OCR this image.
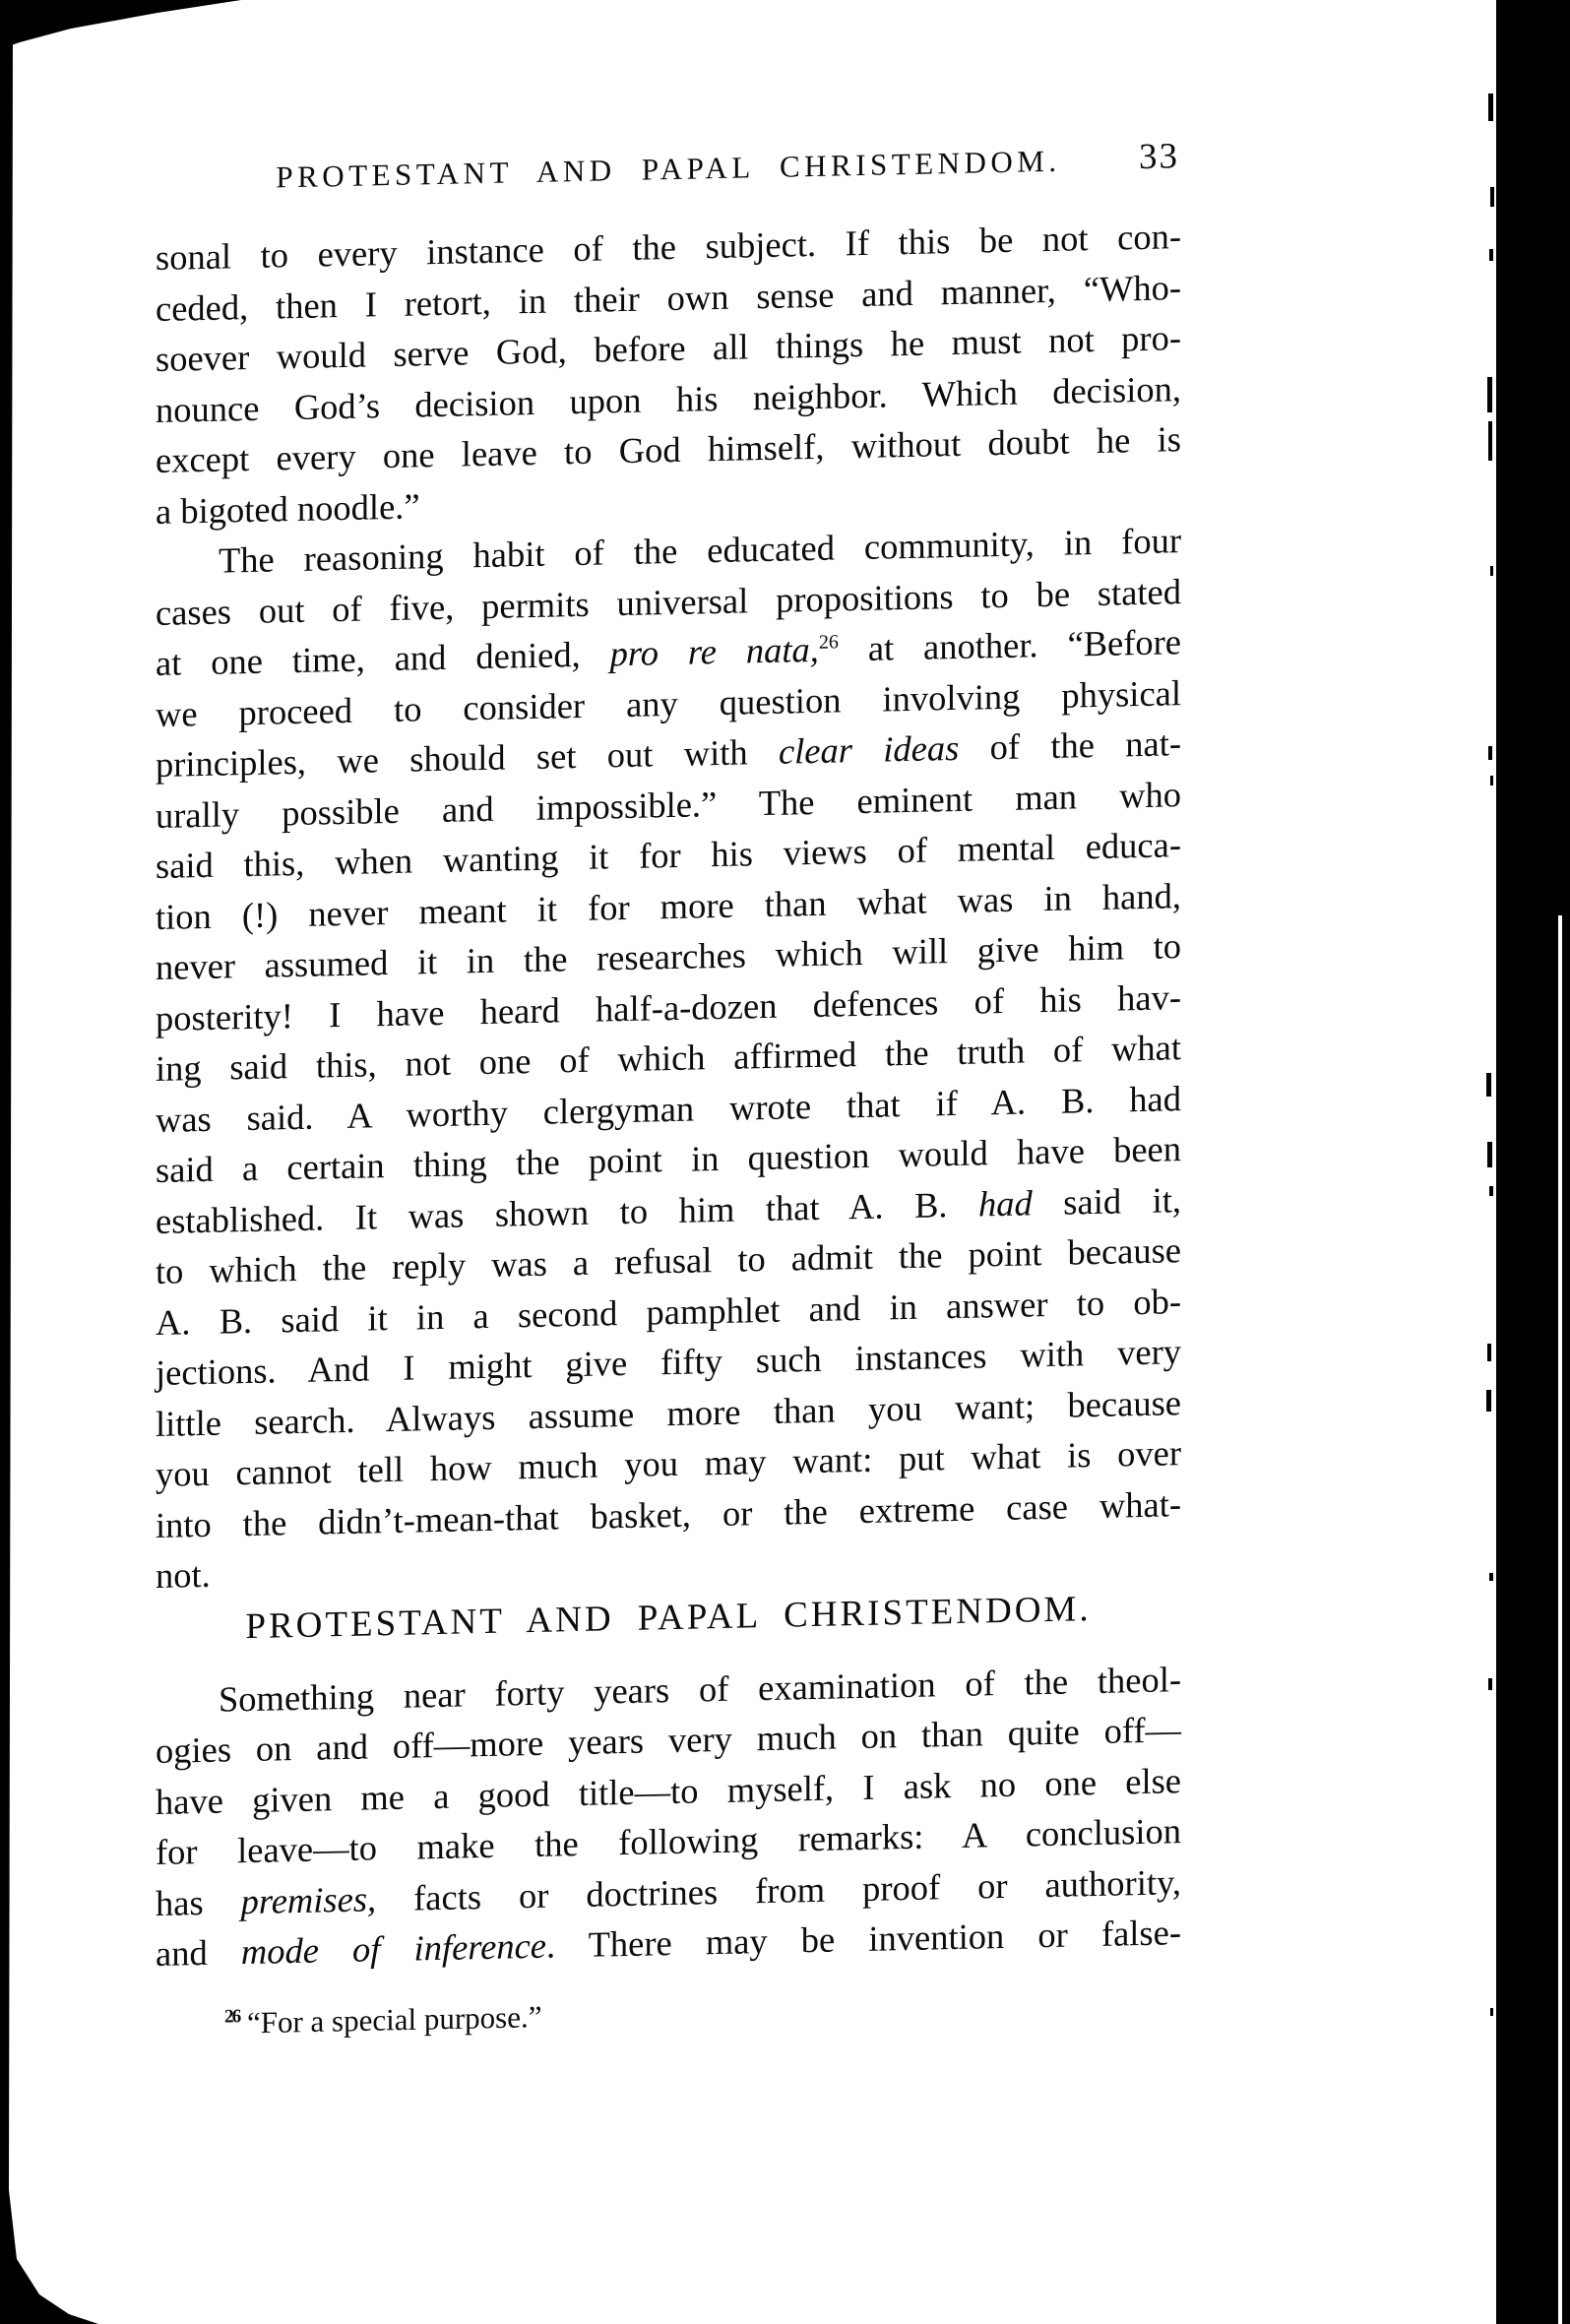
PROTESTANT AND PAPAL CHRISTENDOM.	33
sonal to every instance of the subject. If this be not con-
ceded, then I retort, in their own sense and manner, “Who-
soever would serve God, before all things he must not pro-
nounce God’s decision upon his neighbor. Which decision,
except every one leave to God himself, without doubt he is
a bigoted noodle.”
The reasoning habit of the educated community, in four
cases out of five, permits universal propositions to be stated
at one time, and denied, pro re nata,$^{26}$ at another. “Before
we proceed to consider any question involving physical
principles, we should set out with clear ideas of the nat-
urally possible and impossible.” The eminent man who
said this, when wanting it for his views of mental educa-
tion (!) never meant it for more than what was in hand,
never assumed it in the researches which will give him to
posterity! I have heard half-a-dozen defences of his hav-
ing said this, not one of which affirmed the truth of what
was said. A worthy clergyman wrote that if A. B. had
said a certain thing the point in question would have been
established. It was shown to him that A. B. had said it,
to which the reply was a refusal to admit the point because
A. B. said it in a second pamphlet and in answer to ob-
jections. And I might give fifty such instances with very
little search. Always assume more than you want; because
you cannot tell how much you may want: put what is over
into the didn’t-mean-that basket, or the extreme case what-
not.
PROTESTANT AND PAPAL CHRISTENDOM.
Something near forty years of examination of the theol-
ogies on and off—more years very much on than quite off—
have given me a good title—to myself, I ask no one else
for leave—to make the following remarks: A conclusion
has premises, facts or doctrines from proof or authority,
and mode of inference. There may be invention or false-
$^{26}$ “For a special purpose.”
